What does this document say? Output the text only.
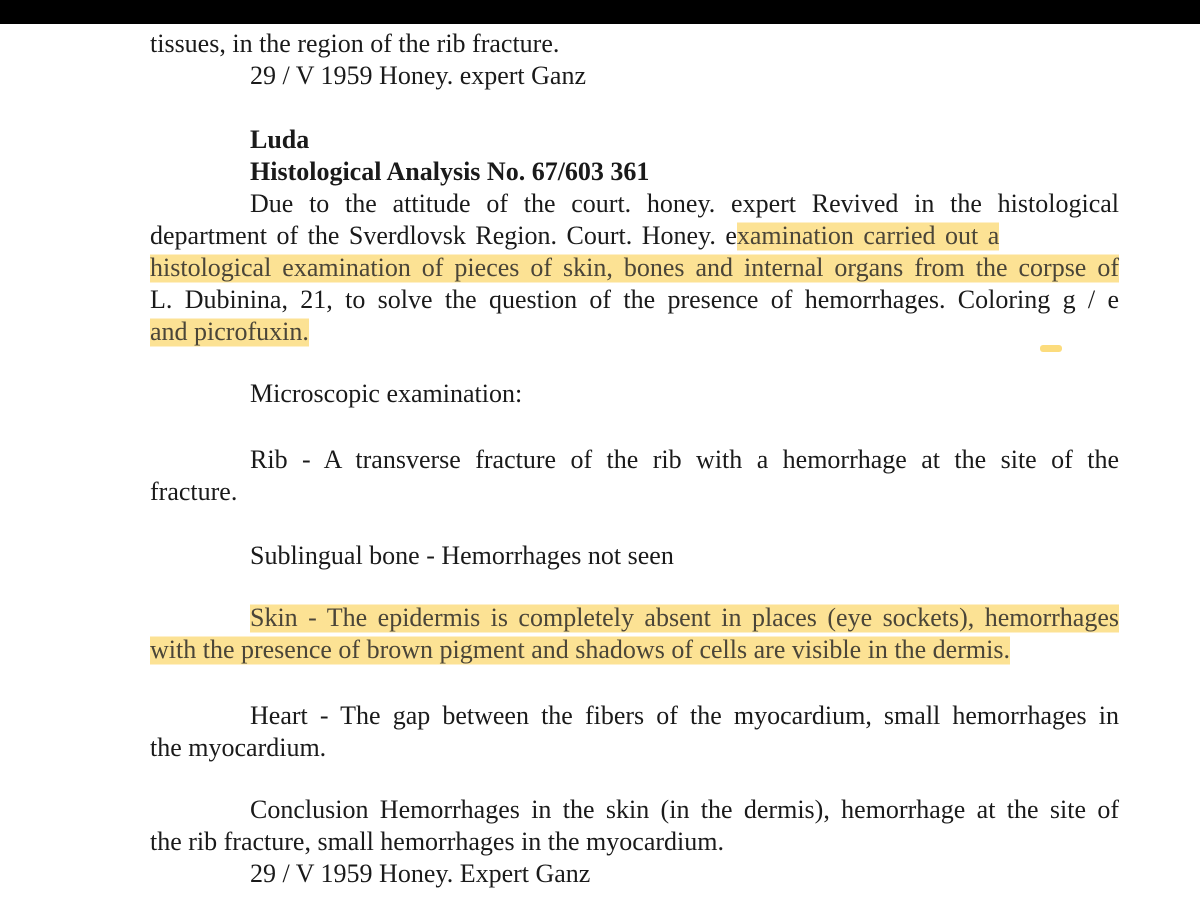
tissues, in the region of the rib fracture.
29 / V 1959 Honey. expert Ganz
Luda
Histological Analysis No. 67/603 361
Due to the attitude of the court. honey. expert Revived in the histological
department of the Sverdlovsk Region. Court. Honey. e xamination carried out a
histological examination of pieces of skin, bones and internal organs from the corpse of
L. Dubinina, 21, to solve the question of the presence of hemorrhages. Coloring g / e
and picrofuxin.
Microscopic examination:
Rib - A transverse fracture of the rib with a hemorrhage at the site of the
fracture.
Sublingual bone - Hemorrhages not seen
Skin - The epidermis is completely absent in places (eye sockets), hemorrhages
with the presence of brown pigment and shadows of cells are visible in the dermis.
Heart - The gap between the fibers of the myocardium, small hemorrhages in
the myocardium.
Conclusion Hemorrhages in the skin (in the dermis), hemorrhage at the site of
the rib fracture, small hemorrhages in the myocardium.
29 / V 1959 Honey. Expert Ganz
